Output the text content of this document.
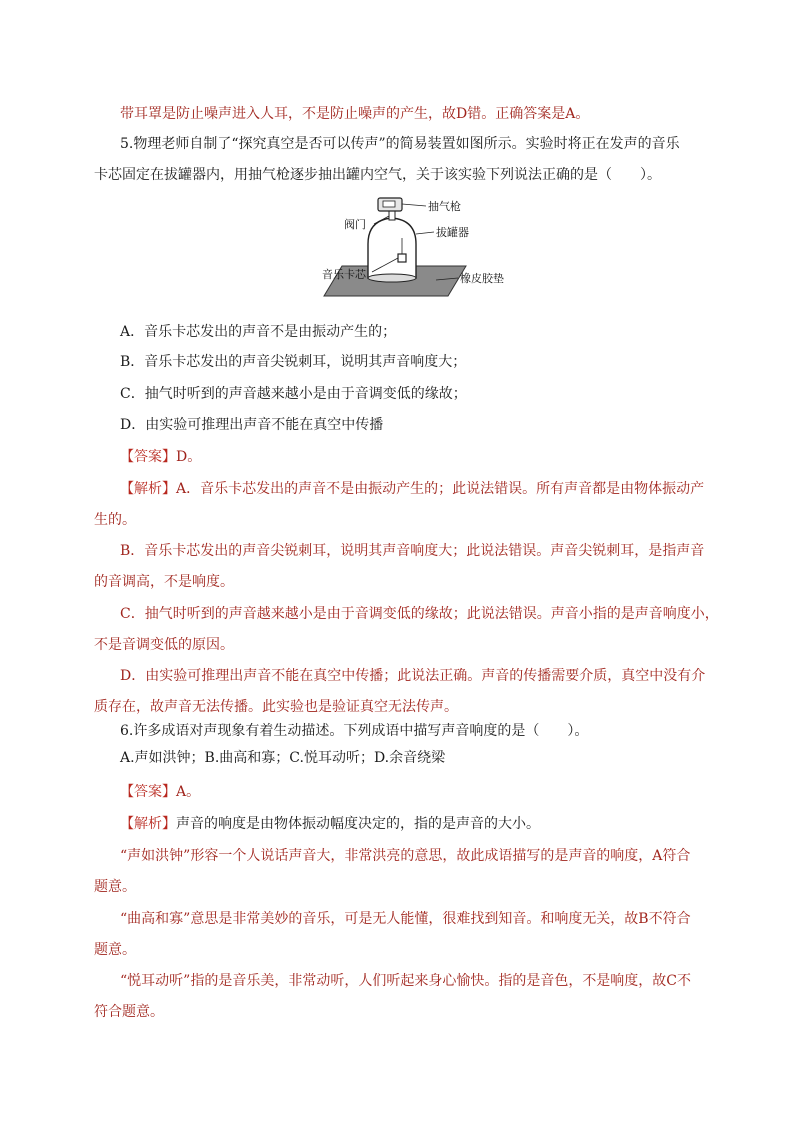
带耳罩是防止噪声进入人耳，不是防止噪声的产生，故D错。正确答案是A。

5.物理老师自制了“探究真空是否可以传声”的简易装置如图所示。实验时将正在发声的音乐

卡芯固定在拔罐器内，用抽气枪逐步抽出罐内空气，关于该实验下列说法正确的是（　　）。

抽气枪
阀门
拔罐器
音乐卡芯	橡皮胶垫

A．音乐卡芯发出的声音不是由振动产生的；

B．音乐卡芯发出的声音尖锐刺耳，说明其声音响度大；

C．抽气时听到的声音越来越小是由于音调变低的缘故；

D．由实验可推理出声音不能在真空中传播

【答案】D。

【解析】A．音乐卡芯发出的声音不是由振动产生的；此说法错误。所有声音都是由物体振动产

生的。

B．音乐卡芯发出的声音尖锐刺耳，说明其声音响度大；此说法错误。声音尖锐刺耳，是指声音

的音调高，不是响度。

C．抽气时听到的声音越来越小是由于音调变低的缘故；此说法错误。声音小指的是声音响度小，

不是音调变低的原因。

D．由实验可推理出声音不能在真空中传播；此说法正确。声音的传播需要介质，真空中没有介

质存在，故声音无法传播。此实验也是验证真空无法传声。

6.许多成语对声现象有着生动描述。下列成语中描写声音响度的是（　　）。

A.声如洪钟；B.曲高和寡；C.悦耳动听；D.余音绕梁

【答案】A。

【解析】声音的响度是由物体振动幅度决定的，指的是声音的大小。

“声如洪钟”形容一个人说话声音大，非常洪亮的意思，故此成语描写的是声音的响度，A符合

题意。

“曲高和寡”意思是非常美妙的音乐，可是无人能懂，很难找到知音。和响度无关，故B不符合

题意。

“悦耳动听”指的是音乐美，非常动听，人们听起来身心愉快。指的是音色，不是响度，故C不

符合题意。
